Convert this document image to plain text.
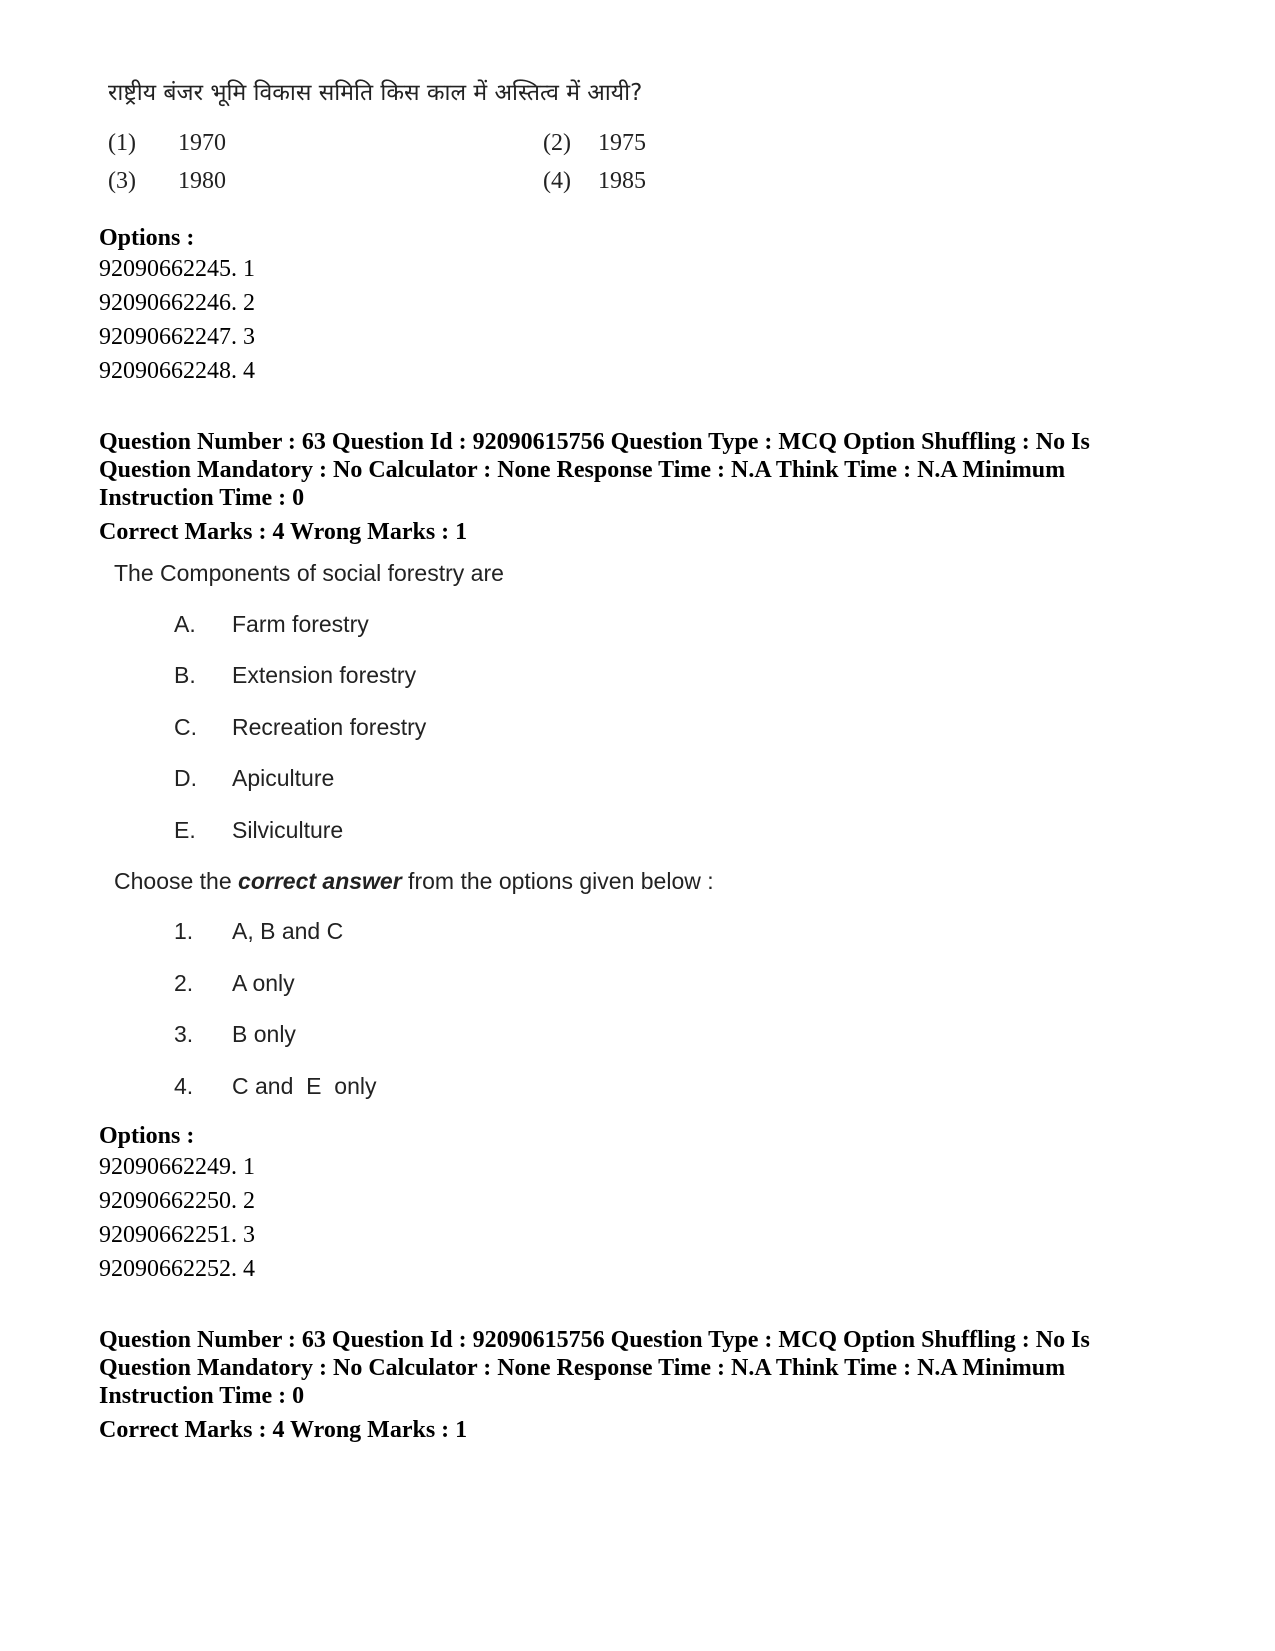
राष्ट्रीय बंजर भूमि विकास समिति किस काल में अस्तित्व में आयी?
(1) 1970	(2) 1975
(3) 1980	(4) 1985
Options :
92090662245. 1
92090662246. 2
92090662247. 3
92090662248. 4
Question Number : 63 Question Id : 92090615756 Question Type : MCQ Option Shuffling : No Is
Question Mandatory : No Calculator : None Response Time : N.A Think Time : N.A Minimum
Instruction Time : 0
Correct Marks : 4 Wrong Marks : 1
The Components of social forestry are
A. Farm forestry
B. Extension forestry
C. Recreation forestry
D. Apiculture
E. Silviculture
Choose the correct answer from the options given below :
1. A, B and C
2. A only
3. B only
4. C and  E  only
Options :
92090662249. 1
92090662250. 2
92090662251. 3
92090662252. 4
Question Number : 63 Question Id : 92090615756 Question Type : MCQ Option Shuffling : No Is
Question Mandatory : No Calculator : None Response Time : N.A Think Time : N.A Minimum
Instruction Time : 0
Correct Marks : 4 Wrong Marks : 1
